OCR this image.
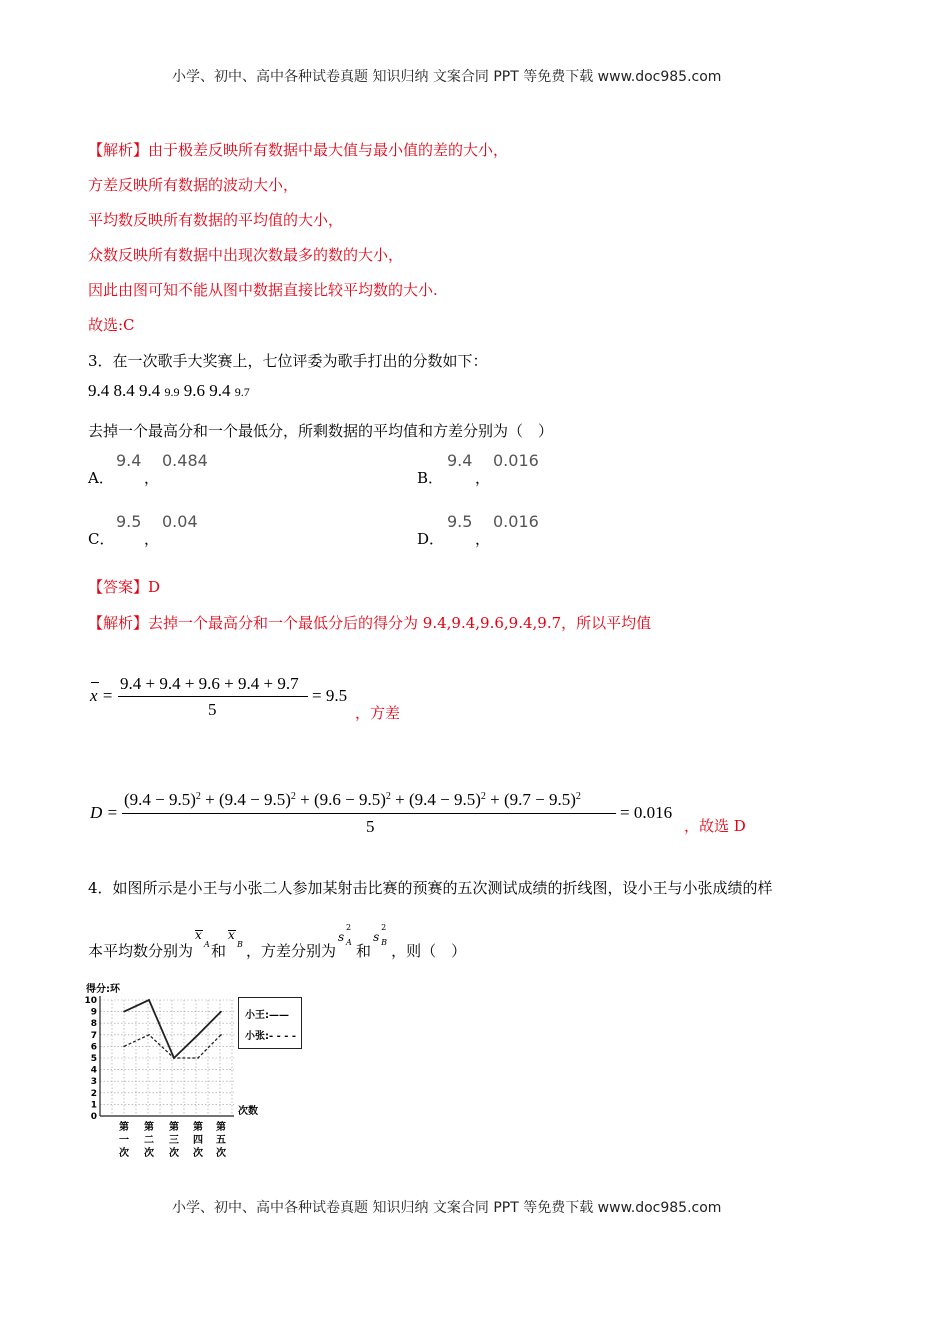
小学、初中、高中各种试卷真题 知识归纳 文案合同 PPT 等免费下载 www.doc985.com
【解析】由于极差反映所有数据中最大值与最小值的差的大小，
方差反映所有数据的波动大小，
平均数反映所有数据的平均值的大小，
众数反映所有数据中出现次数最多的数的大小，
因此由图可知不能从图中数据直接比较平均数的大小.
故选:C
3．在一次歌手大奖赛上，七位评委为歌手打出的分数如下：
9.4 8.4 9.4 9.9 9.6 9.4 9.7
去掉一个最高分和一个最低分，所剩数据的平均值和方差分别为（　）
A．
9.4
，
0.484
B．
9.4
，
0.016
C．
9.5
，
0.04
D．
9.5
，
0.016
【答案】D
【解析】去掉一个最高分和一个最低分后的得分为 9.4,9.4,9.6,9.4,9.7，所以平均值
x =
9.4 + 9.4 + 9.6 + 9.4 + 9.7
5
= 9.5
，方差
D =
$(9.4 - 9.5)^2 + (9.4 - 9.5)^2 + (9.6 - 9.5)^2 + (9.4 - 9.5)^2 + (9.7 - 9.5)^2$
5
= 0.016
，故选 D
4．如图所示是小王与小张二人参加某射击比赛的预赛的五次测试成绩的折线图，设小王与小张成绩的样
本平均数分别为
x
A 和
x
B ，方差分别为
s
2
A 和
s
2
B ，则（　）
得分:环
0
1
2
3
4
5
6
7
8
9
10
次数
第一次
第二次
第三次
第四次
第五次
小王:——
小张:- - - -
小学、初中、高中各种试卷真题 知识归纳 文案合同 PPT 等免费下载 www.doc985.com
